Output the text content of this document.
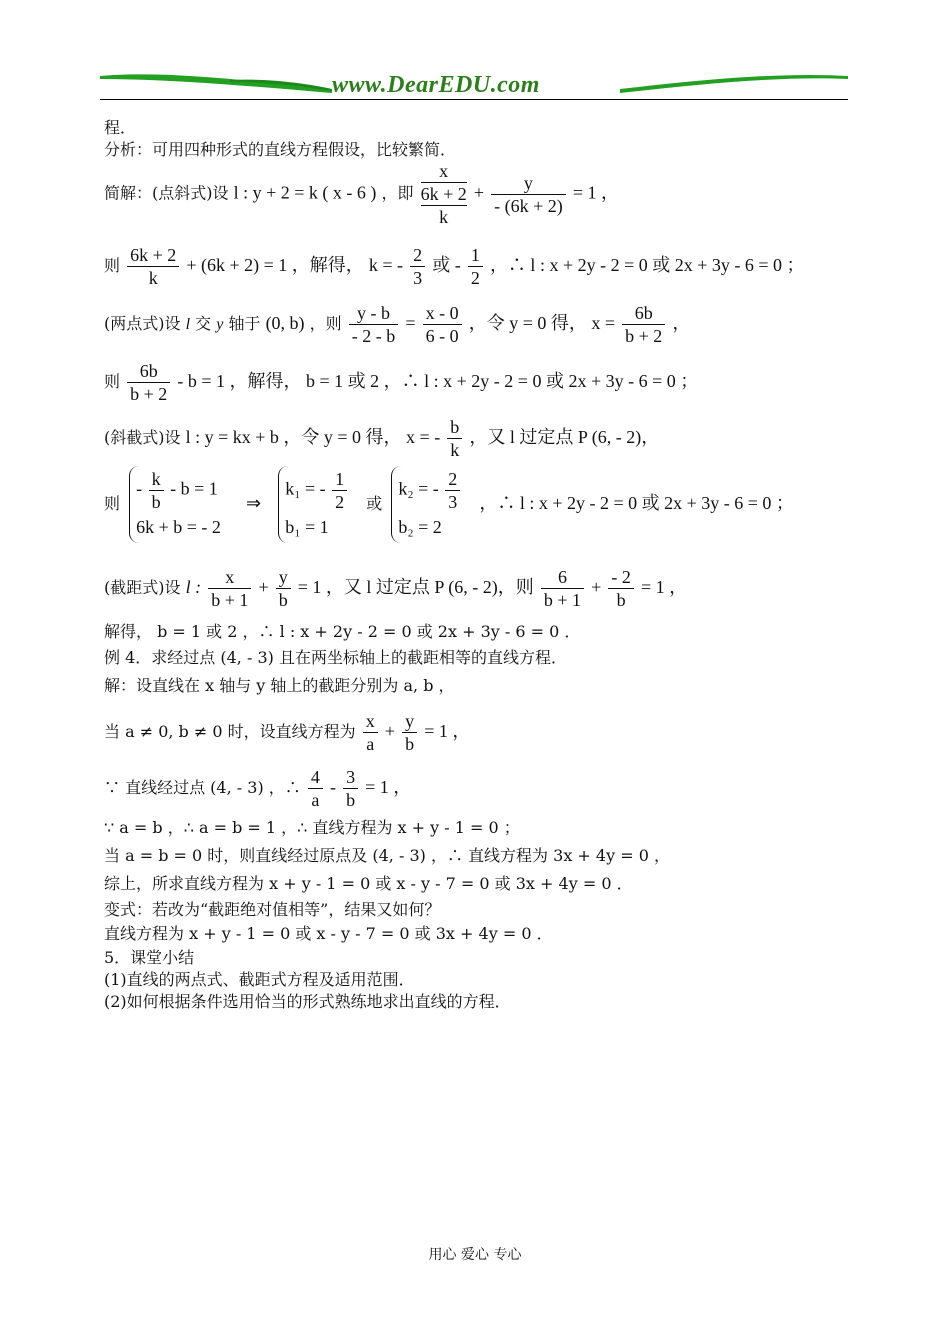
www.DearEDU.com
程．
分析：可用四种形式的直线方程假设，比较繁简．
简解：(点斜式)设 l : y + 2 = k ( x - 6 ) ，即 x
6k + 2
$k + \frac{y}{- (6k + 2)} = 1$ ，
则 $\frac{6k + 2}{k} + (6k + 2) = 1$ ，解得， k = - $\frac{2}{3}$ 或 - $\frac{1}{2}$ ，∴ l : x + 2y - 2 = 0 或 2x + 3y - 6 = 0 ；
(两点式)设 l 交 y 轴于 (0, b) ，则 $\frac{y - b}{- 2 - b} = \frac{x - 0}{6 - 0}$ ，令 y = 0 得， $x = \frac{6b}{b + 2}$ ，
则 $\frac{6b}{b + 2} - b = 1$ ，解得， b = 1 或 2 ，∴ l : x + 2y - 2 = 0 或 2x + 3y - 6 = 0 ；
(斜截式)设 l : y = kx + b ，令 y = 0 得， x = - $\frac{b}{k}$ ，又 l 过定点 P (6, - 2)，
则
- $\frac{k}{b} - b = 1$
6k + b = - 2
⇒
k₁ = - $\frac{1}{2}$
b₁ = 1
或
k₂ = - $\frac{2}{3}$
b₂ = 2
，∴ l : x + 2y - 2 = 0 或 2x + 3y - 6 = 0 ；
(截距式)设 l : $\frac{x}{b + 1} + \frac{y}{b} = 1$ ，又 l 过定点 P (6, - 2)，则 $\frac{6}{b + 1} + \frac{- 2}{b} = 1$ ，
解得， b = 1 或 2 ，∴ l : x + 2y - 2 = 0 或 2x + 3y - 6 = 0 ．
例 4．求经过点 (4, - 3) 且在两坐标轴上的截距相等的直线方程．
解：设直线在 x 轴与 y 轴上的截距分别为 a, b ，
当 a ≠ 0, b ≠ 0 时，设直线方程为 $\frac{x}{a} + \frac{y}{b} = 1$ ，
∵ 直线经过点 (4, - 3) ，∴ $\frac{4}{a} - \frac{3}{b} = 1$ ，
∵ a = b ，∴ a = b = 1 ，∴ 直线方程为 x + y - 1 = 0 ；
当 a = b = 0 时，则直线经过原点及 (4, - 3) ，∴ 直线方程为 3x + 4y = 0 ，
综上，所求直线方程为 x + y - 1 = 0 或 x - y - 7 = 0 或 3x + 4y = 0 ．
变式：若改为“截距绝对值相等”，结果又如何？
直线方程为 x + y - 1 = 0 或 x - y - 7 = 0 或 3x + 4y = 0 ．
5．课堂小结
(1)直线的两点式、截距式方程及适用范围．
(2)如何根据条件选用恰当的形式熟练地求出直线的方程．
用心 爱心 专心
